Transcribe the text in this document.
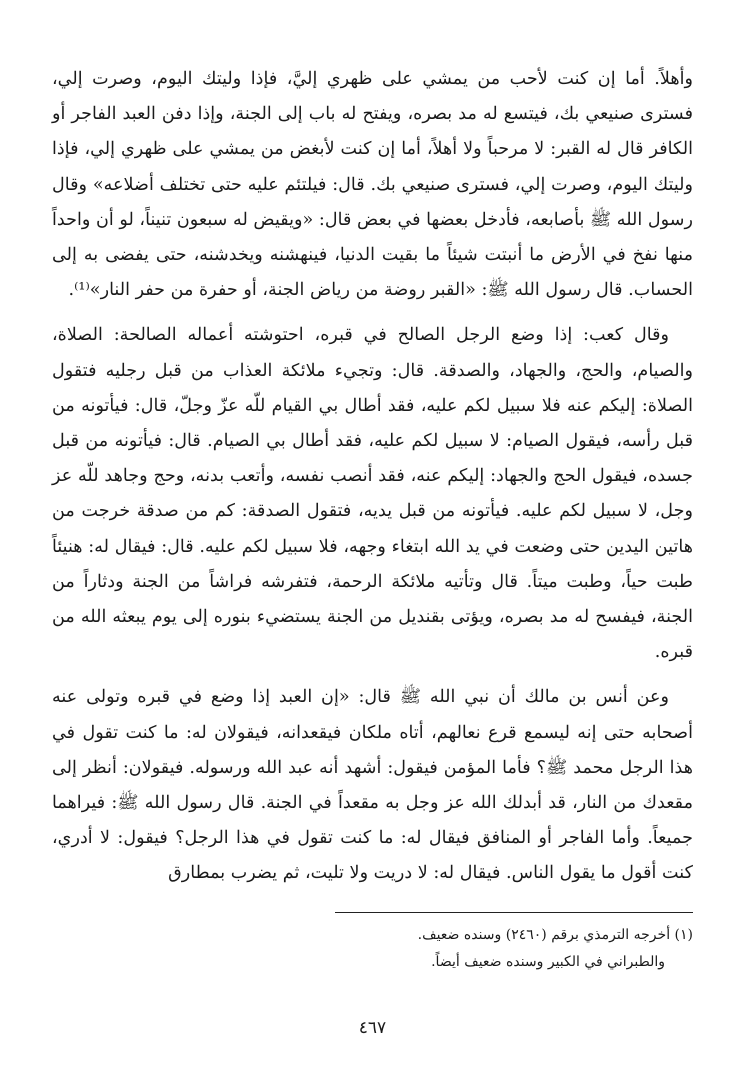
وأهلاً. أما إن كنت لأحب من يمشي على ظهري إليَّ، فإذا وليتك اليوم، وصرت إلي، فسترى صنيعي بك، فيتسع له مد بصره، ويفتح له باب إلى الجنة، وإذا دفن العبد الفاجر أو الكافر قال له القبر: لا مرحباً ولا أهلاً، أما إن كنت لأبغض من يمشي على ظهري إلي، فإذا وليتك اليوم، وصرت إلي، فسترى صنيعي بك. قال: فيلتئم عليه حتى تختلف أضلاعه» وقال رسول الله ﷺ بأصابعه، فأدخل بعضها في بعض قال: «ويقيض له سبعون تنيناً، لو أن واحداً منها نفخ في الأرض ما أنبتت شيئاً ما بقيت الدنيا، فينهشنه ويخدشنه، حتى يفضى به إلى الحساب. قال رسول الله ﷺ: «القبر روضة من رياض الجنة، أو حفرة من حفر النار»⁽¹⁾.

وقال كعب: إذا وضع الرجل الصالح في قبره، احتوشته أعماله الصالحة: الصلاة، والصيام، والحج، والجهاد، والصدقة. قال: وتجيء ملائكة العذاب من قبل رجليه فتقول الصلاة: إليكم عنه فلا سبيل لكم عليه، فقد أطال بي القيام للّه عزّ وجلّ، قال: فيأتونه من قبل رأسه، فيقول الصيام: لا سبيل لكم عليه، فقد أطال بي الصيام. قال: فيأتونه من قبل جسده، فيقول الحج والجهاد: إليكم عنه، فقد أنصب نفسه، وأتعب بدنه، وحج وجاهد للّه عز وجل، لا سبيل لكم عليه. فيأتونه من قبل يديه، فتقول الصدقة: كم من صدقة خرجت من هاتين اليدين حتى وضعت في يد الله ابتغاء وجهه، فلا سبيل لكم عليه. قال: فيقال له: هنيئاً طبت حياً، وطبت ميتاً. قال وتأتيه ملائكة الرحمة، فتفرشه فراشاً من الجنة ودثاراً من الجنة، فيفسح له مد بصره، ويؤتى بقنديل من الجنة يستضيء بنوره إلى يوم يبعثه الله من قبره.

وعن أنس بن مالك أن نبي الله ﷺ قال: «إن العبد إذا وضع في قبره وتولى عنه أصحابه حتى إنه ليسمع قرع نعالهم، أتاه ملكان فيقعدانه، فيقولان له: ما كنت تقول في هذا الرجل محمد ﷺ؟ فأما المؤمن فيقول: أشهد أنه عبد الله ورسوله. فيقولان: أنظر إلى مقعدك من النار، قد أبدلك الله عز وجل به مقعداً في الجنة. قال رسول الله ﷺ: فيراهما جميعاً. وأما الفاجر أو المنافق فيقال له: ما كنت تقول في هذا الرجل؟ فيقول: لا أدري، كنت أقول ما يقول الناس. فيقال له: لا دريت ولا تليت، ثم يضرب بمطارق

(١) أخرجه الترمذي برقم (٢٤٦٠) وسنده ضعيف.
والطبراني في الكبير وسنده ضعيف أيضاً.
٤٦٧
